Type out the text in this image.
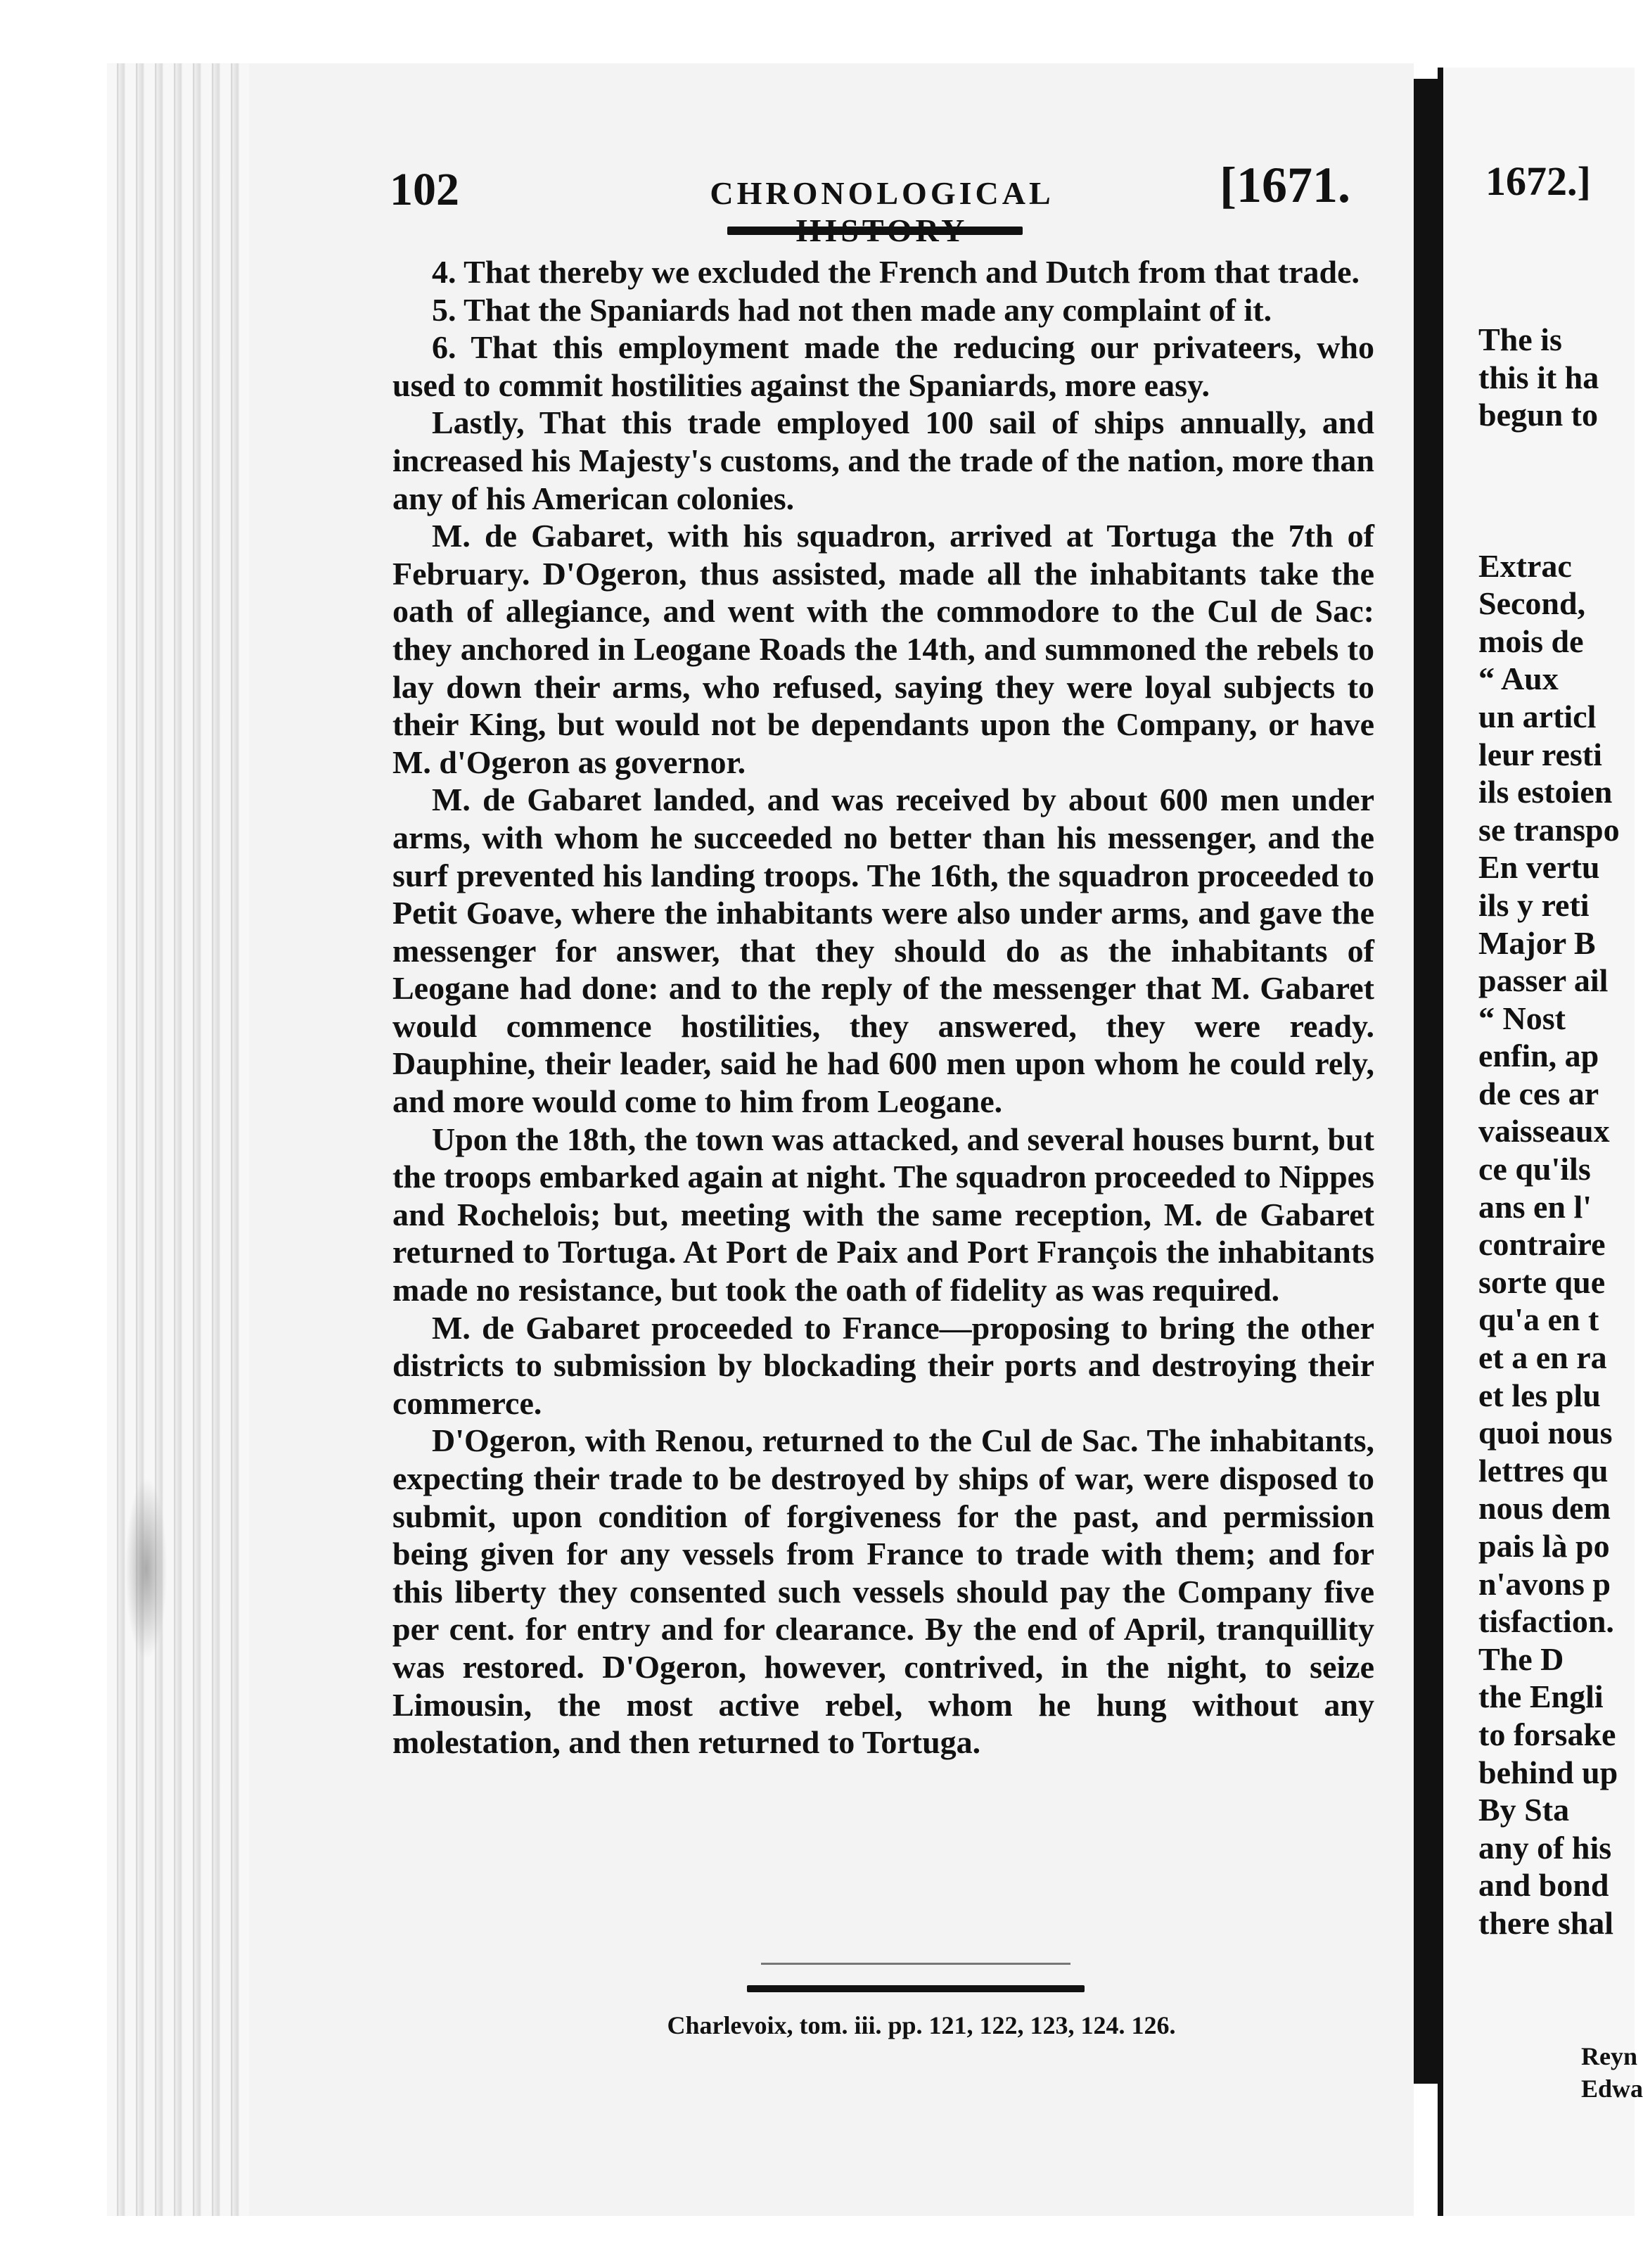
102	CHRONOLOGICAL	[1671.

4. That thereby we excluded the French and Dutch from that trade.

5. That the Spaniards had not then made any complaint of it.

6. That this employment made the reducing our privateers, who used to commit hostilities against the Spaniards, more easy.

Lastly, That this trade employed 100 sail of ships annually, and increased his Majesty's customs, and the trade of the nation, more than any of his American colonies.

M. de Gabaret, with his squadron, arrived at Tortuga the 7th of February. D'Ogeron, thus assisted, made all the inhabitants take the oath of allegiance, and went with the commodore to the Cul de Sac: they anchored in Leogane Roads the 14th, and summoned the rebels to lay down their arms, who refused, saying they were loyal subjects to their King, but would not be dependants upon the Company, or have M. d'Ogeron as governor.

M. de Gabaret landed, and was received by about 600 men under arms, with whom he succeeded no better than his messenger, and the surf prevented his landing troops. The 16th, the squadron proceeded to Petit Goave, where the inhabitants were also under arms, and gave the messenger for answer, that they should do as the inhabitants of Leogane had done: and to the reply of the messenger that M. Gabaret would commence hostilities, they answered, they were ready. Dauphine, their leader, said he had 600 men upon whom he could rely, and more would come to him from Leogane.

Upon the 18th, the town was attacked, and several houses burnt, but the troops embarked again at night. The squadron proceeded to Nippes and Rochelois; but, meeting with the same reception, M. de Gabaret returned to Tortuga. At Port de Paix and Port François the inhabitants made no resistance, but took the oath of fidelity as was required.

M. de Gabaret proceeded to France—proposing to bring the other districts to submission by blockading their ports and destroying their commerce.

D'Ogeron, with Renou, returned to the Cul de Sac. The inhabitants, expecting their trade to be destroyed by ships of war, were disposed to submit, upon condition of forgiveness for the past, and permission being given for any vessels from France to trade with them; and for this liberty they consented such vessels should pay the Company five per cent. for entry and for clearance. By the end of April, tranquillity was restored. D'Ogeron, however, contrived, in the night, to seize Limousin, the most active rebel, whom he hung without any molestation, and then returned to Tortuga.

Charlevoix, tom. iii. pp. 121, 122, 123, 124. 126.
1672.]
The is
this it ha
begun to
Extrac
Second,
mois de
“ Aux
un articl
leur resti
ils estoien
se transpo
En vertu
ils y reti
Major B
passer ail
“ Nost
enfin, ap
de ces ar
vaisseaux
ce qu'ils
ans en l'
contraire
sorte que
qu'a en t
et a en ra
et les plu
quoi nous
lettres qu
nous dem
pais là po
n'avons p
tisfaction.
The D
the Engli
to forsake
behind up
By Sta
any of his
and bond
there shal
Reyn
Edwa
